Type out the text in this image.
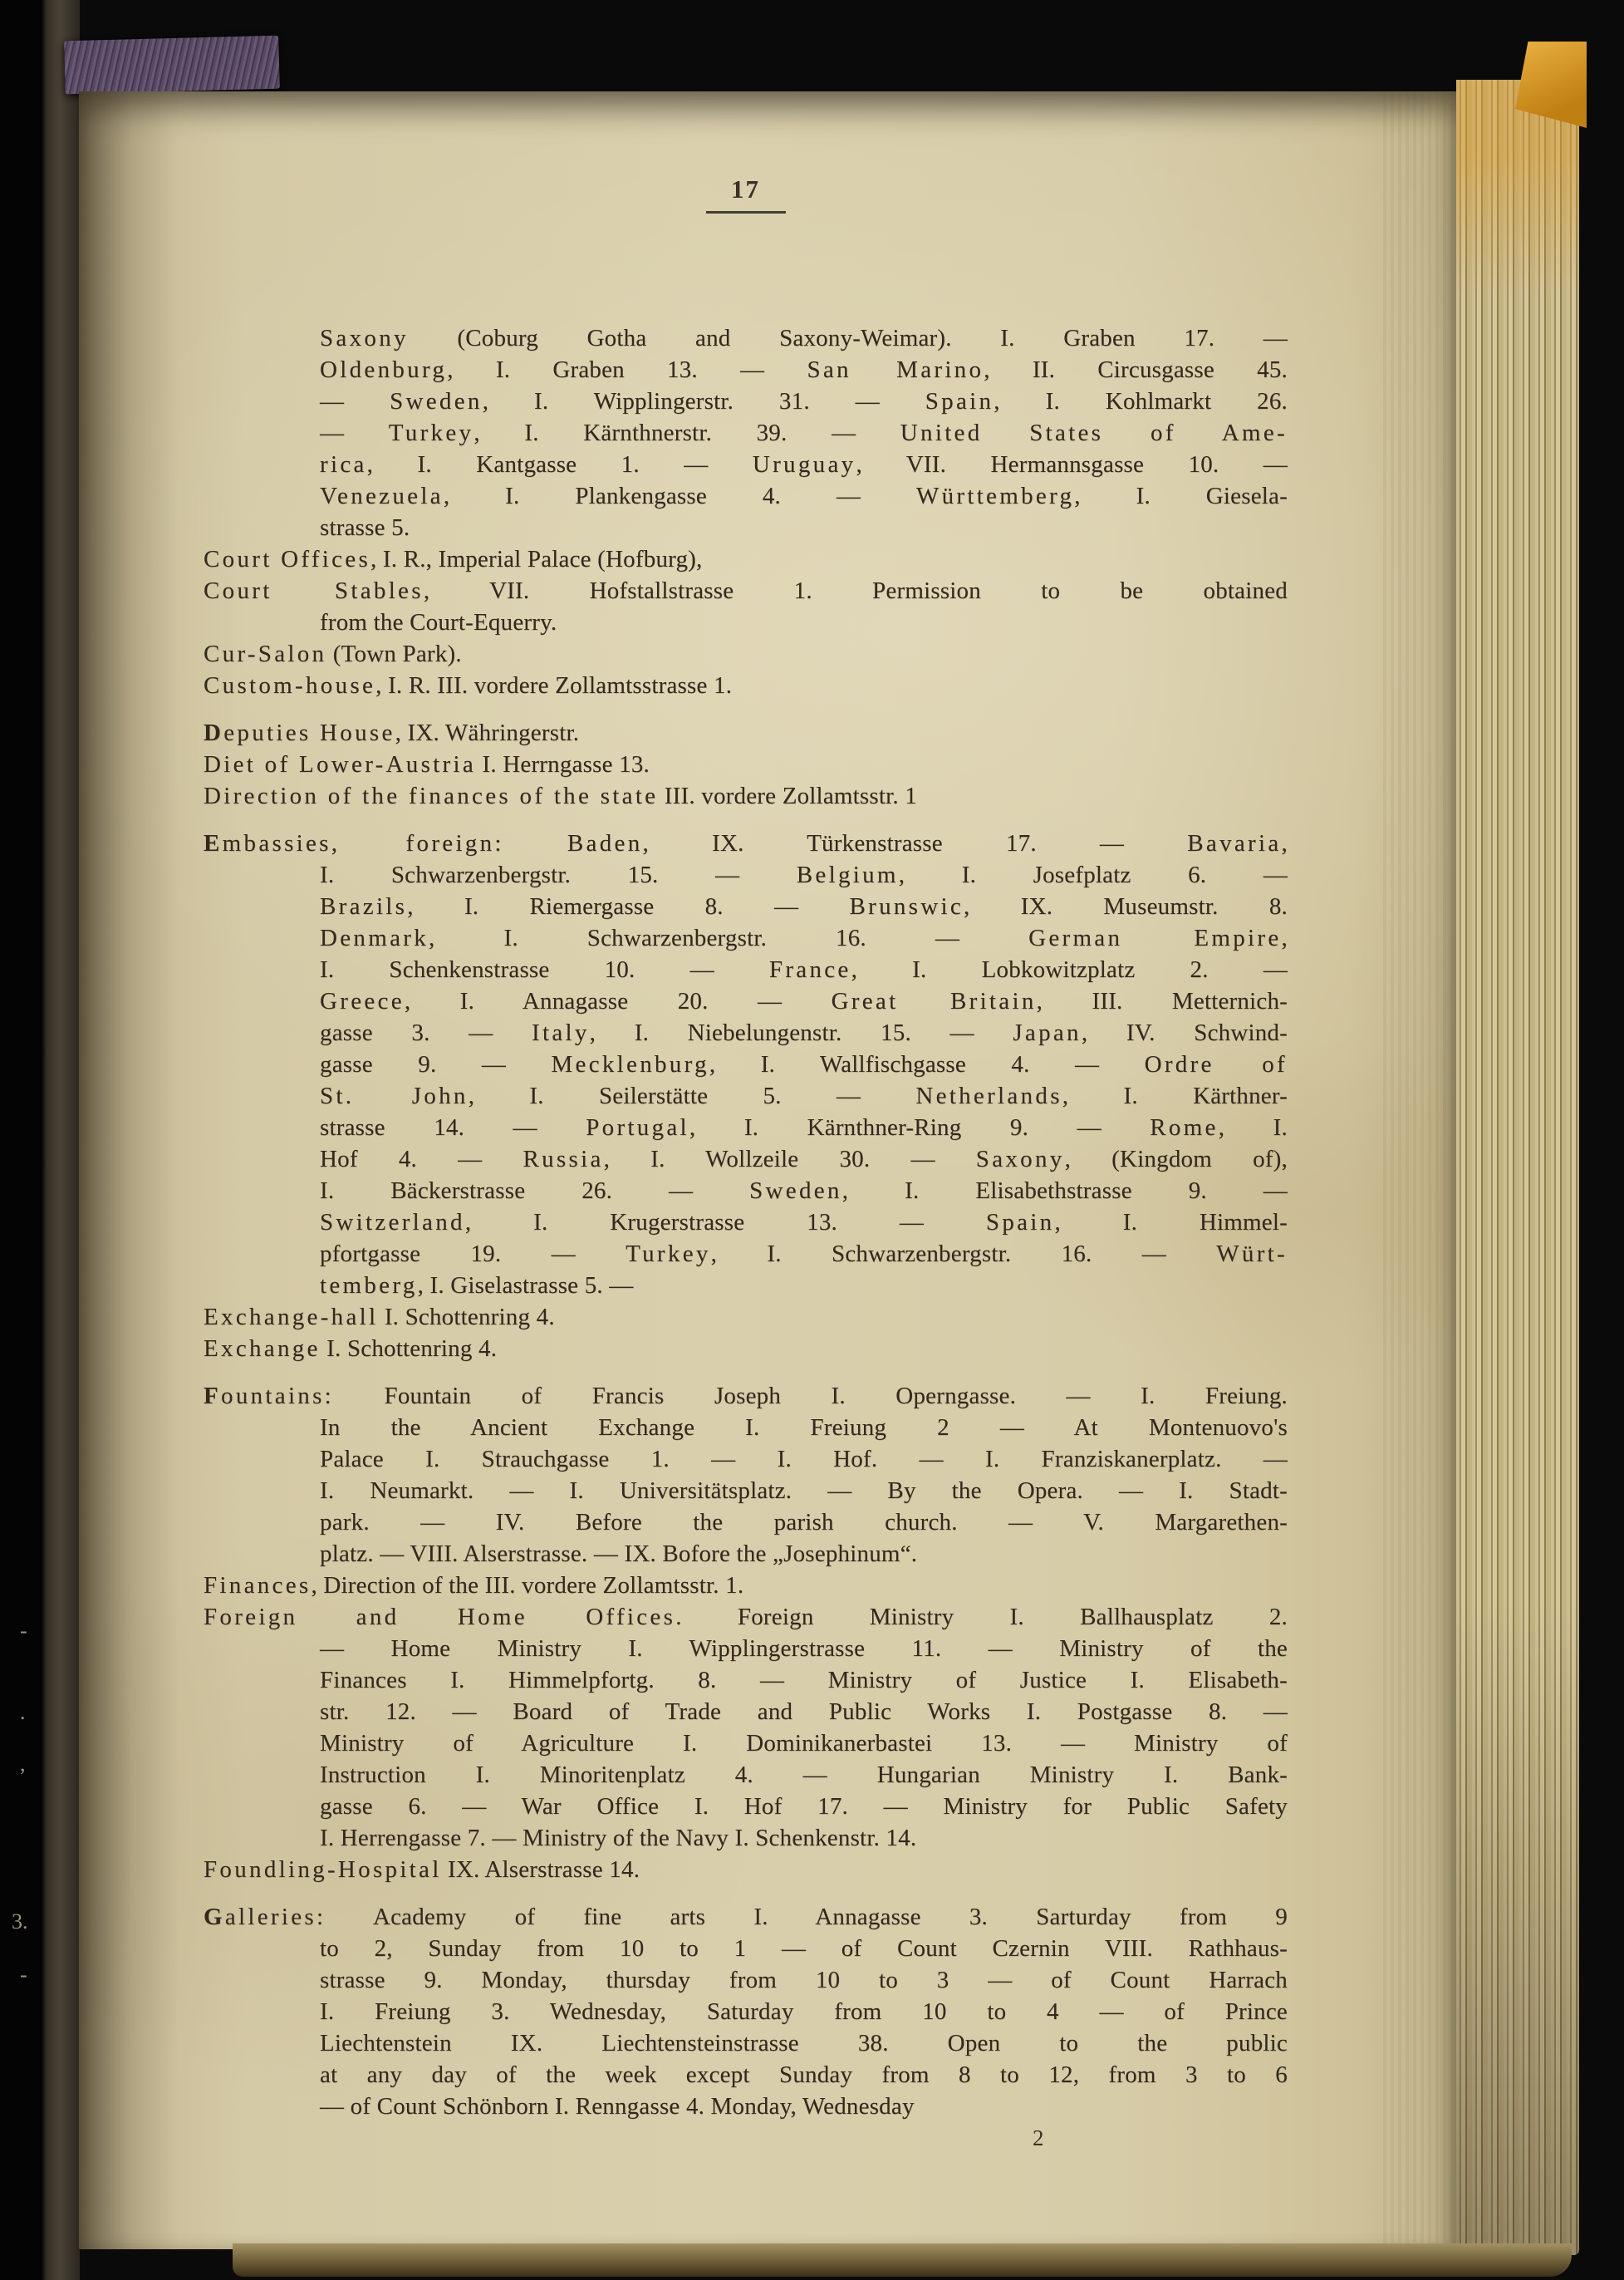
-
.
,
3.
-
17
Saxony (Coburg Gotha and Saxony-Weimar). I. Graben 17. —
Oldenburg, I. Graben 13. — San Marino, II. Circusgasse 45.
— Sweden, I. Wipplingerstr. 31. — Spain, I. Kohlmarkt 26.
— Turkey, I. Kärnthnerstr. 39. — United States of Ame-
rica, I. Kantgasse 1. — Uruguay, VII. Hermannsgasse 10. —
Venezuela, I. Plankengasse 4. — Württemberg, I. Giesela-
strasse 5.
Court Offices, I. R., Imperial Palace (Hofburg),
Court Stables, VII. Hofstallstrasse 1. Permission to be obtained
from the Court-Equerry.
Cur-Salon (Town Park).
Custom-house, I. R. III. vordere Zollamtsstrasse 1.
Deputies House, IX. Währingerstr.
Diet of Lower-Austria I. Herrngasse 13.
Direction of the finances of the state III. vordere Zollamtsstr. 1
Embassies, foreign:	Baden, IX. Türkenstrasse 17. — Bavaria,
I. Schwarzenbergstr. 15. — Belgium, I. Josefplatz 6. —
Brazils, I. Riemergasse 8. — Brunswic, IX. Museumstr. 8.
Denmark, I. Schwarzenbergstr. 16. — German Empire,
I. Schenkenstrasse 10. — France, I. Lobkowitzplatz 2. —
Greece, I. Annagasse 20. — Great Britain, III. Metternich-
gasse 3. — Italy, I. Niebelungenstr. 15. — Japan, IV. Schwind-
gasse 9. — Mecklenburg, I. Wallfischgasse 4. — Ordre of
St. John, I. Seilerstätte 5. — Netherlands, I. Kärthner-
strasse 14. — Portugal, I. Kärnthner-Ring 9. — Rome, I.
Hof 4. — Russia, I. Wollzeile 30. — Saxony, (Kingdom of),
I. Bäckerstrasse 26. — Sweden, I. Elisabethstrasse 9. —
Switzerland, I. Krugerstrasse 13. — Spain, I. Himmel-
pfortgasse 19. — Turkey, I. Schwarzenbergstr. 16. — Würt-
temberg, I. Giselastrasse 5. —
Exchange-hall I. Schottenring 4.
Exchange I. Schottenring 4.
Fountains: Fountain of Francis Joseph I. Operngasse. — I. Freiung.
In the Ancient Exchange I. Freiung 2 — At Montenuovo's
Palace I. Strauchgasse 1. — I. Hof. — I. Franziskanerplatz. —
I. Neumarkt. — I. Universitätsplatz. — By the Opera. — I. Stadt-
park. — IV. Before the parish church. — V. Margarethen-
platz. — VIII. Alserstrasse. — IX. Bofore the „Josephinum“.
Finances, Direction of the III. vordere Zollamtsstr. 1.
Foreign and Home Offices. Foreign Ministry I. Ballhausplatz 2.
— Home Ministry I. Wipplingerstrasse 11. — Ministry of the
Finances I. Himmelpfortg. 8. — Ministry of Justice I. Elisabeth-
str. 12. — Board of Trade and Public Works I. Postgasse 8. —
Ministry of Agriculture I. Dominikanerbastei 13. — Ministry of
Instruction I. Minoritenplatz 4. — Hungarian Ministry I. Bank-
gasse 6. — War Office I. Hof 17. — Ministry for Public Safety
I. Herrengasse 7. — Ministry of the Navy I. Schenkenstr. 14.
Foundling-Hospital IX. Alserstrasse 14.
Galleries: Academy of fine arts I. Annagasse 3. Sarturday from 9
to 2, Sunday from 10 to 1 — of Count Czernin VIII. Rathhaus-
strasse 9. Monday, thursday from 10 to 3 — of Count Harrach
I. Freiung 3. Wednesday, Saturday from 10 to 4 — of Prince
Liechtenstein IX. Liechtensteinstrasse 38. Open to the public
at any day of the week except Sunday from 8 to 12, from 3 to 6
— of Count Schönborn I. Renngasse 4. Monday, Wednesday
2
